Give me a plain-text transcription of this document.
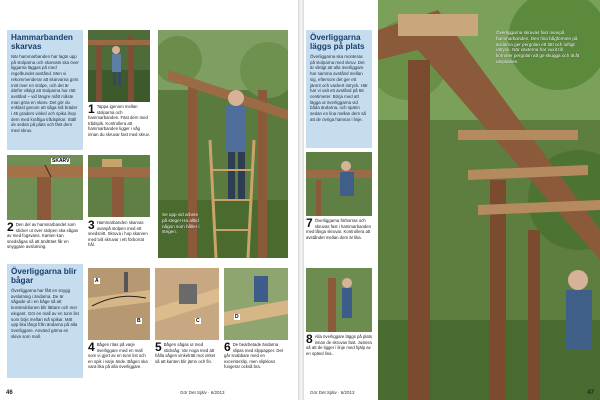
Hammarbanden skarvas
När hammarbanden har lagts upp på stolparna och skarvats ska över liggarna läggas på med regelbundet avstånd. Men vi rekommenderar att skarvarna görs mitt över en stolpe, och det är därför viktigt att stolparna har rätt avstånd – vid längre mått måste man göra en skarv. Det gör du enklast genom att såga två bräder i 45 graders vinkel och spika ihop dem med kraftiga trådspikar. Ställ de sedan på plats och fäst dem med skruv.
1 Tappa igenom mellan stolparna och hammarbanden. Fäst dem med trådspik. Kontrollera att hammarbanden ligger i våg innan du skruvar fast med skruv.
Se upp vid arbete på stege! Ha alltid någon som håller i stegen.
SKARV
2 Den del av hammarbandet som sticker ut över stolpen ska sågas av med fogsvans. Kanten kan snedsågas så att ändträet får en snyggare avslutning.
3 Hammarbanden skarvas ovanpå stolpen med ett snedsnitt. Skruva i hop skarven med två skruvar i ett förborrat hål.
Överliggarna blir bågar
Överliggarna har fått en snygg avslutning i ändarna. De är sågade ut i en båge så att konstruktionen blir lättare och mer elegant. Gör en mall av en tunn list som böjs mellan två spikar. Mät upp lika långt från ändarna på alla överliggare. Använd gärna en skiva som mall.
A
B
4 Bågen ritas på varje överliggare med en mall som vi gjort av en tunn list och en spik i varje ände. Bågen ska vara lika på alla överliggare.
C
5 Bågen sågas ut med sticksåg. Var noga med att hålla sågen vinkelrätt mot virket så att kanten blir jämn och fin.
D
6 De bearbetade ändarna slipas med slippapper. Det går snabbare med en excenterslip, men slipkloss fungerar också bra.
46	Gör Det Själv · 6/2013
Överliggarna läggs på plats
Överliggarna ska monteras på stolparna med skruv. Det är viktigt att alla överliggare har samma avstånd mellan sig, eftersom det ger ett jämnt och vackert intryck. Här har vi valt ett avstånd på 58 centimeter. Börja med att lägga ut överliggarna vid båda ändarna, och spänn sedan en lina mellan dem så att de övriga hamnar i linje.
7 Överliggarna förborras och skruvas fast i hammarbanden med långa skruvar. Kontrollera att avståndet mellan dem är lika.
8 Alla överliggare läggs på plats innan de skruvas fast. Justera så att de ligger i linje med hjälp av en spänd lina.
Överliggarna skruvas fast ovanpå hammarbanden. Den fina bågformen på ändarna ger pergolan ett lätt och luftigt uttryck. När växterna har vuxit till kommer pergolan att ge skugga och lä åt uteplatsen.
47
Gör Det Själv · 6/2013
